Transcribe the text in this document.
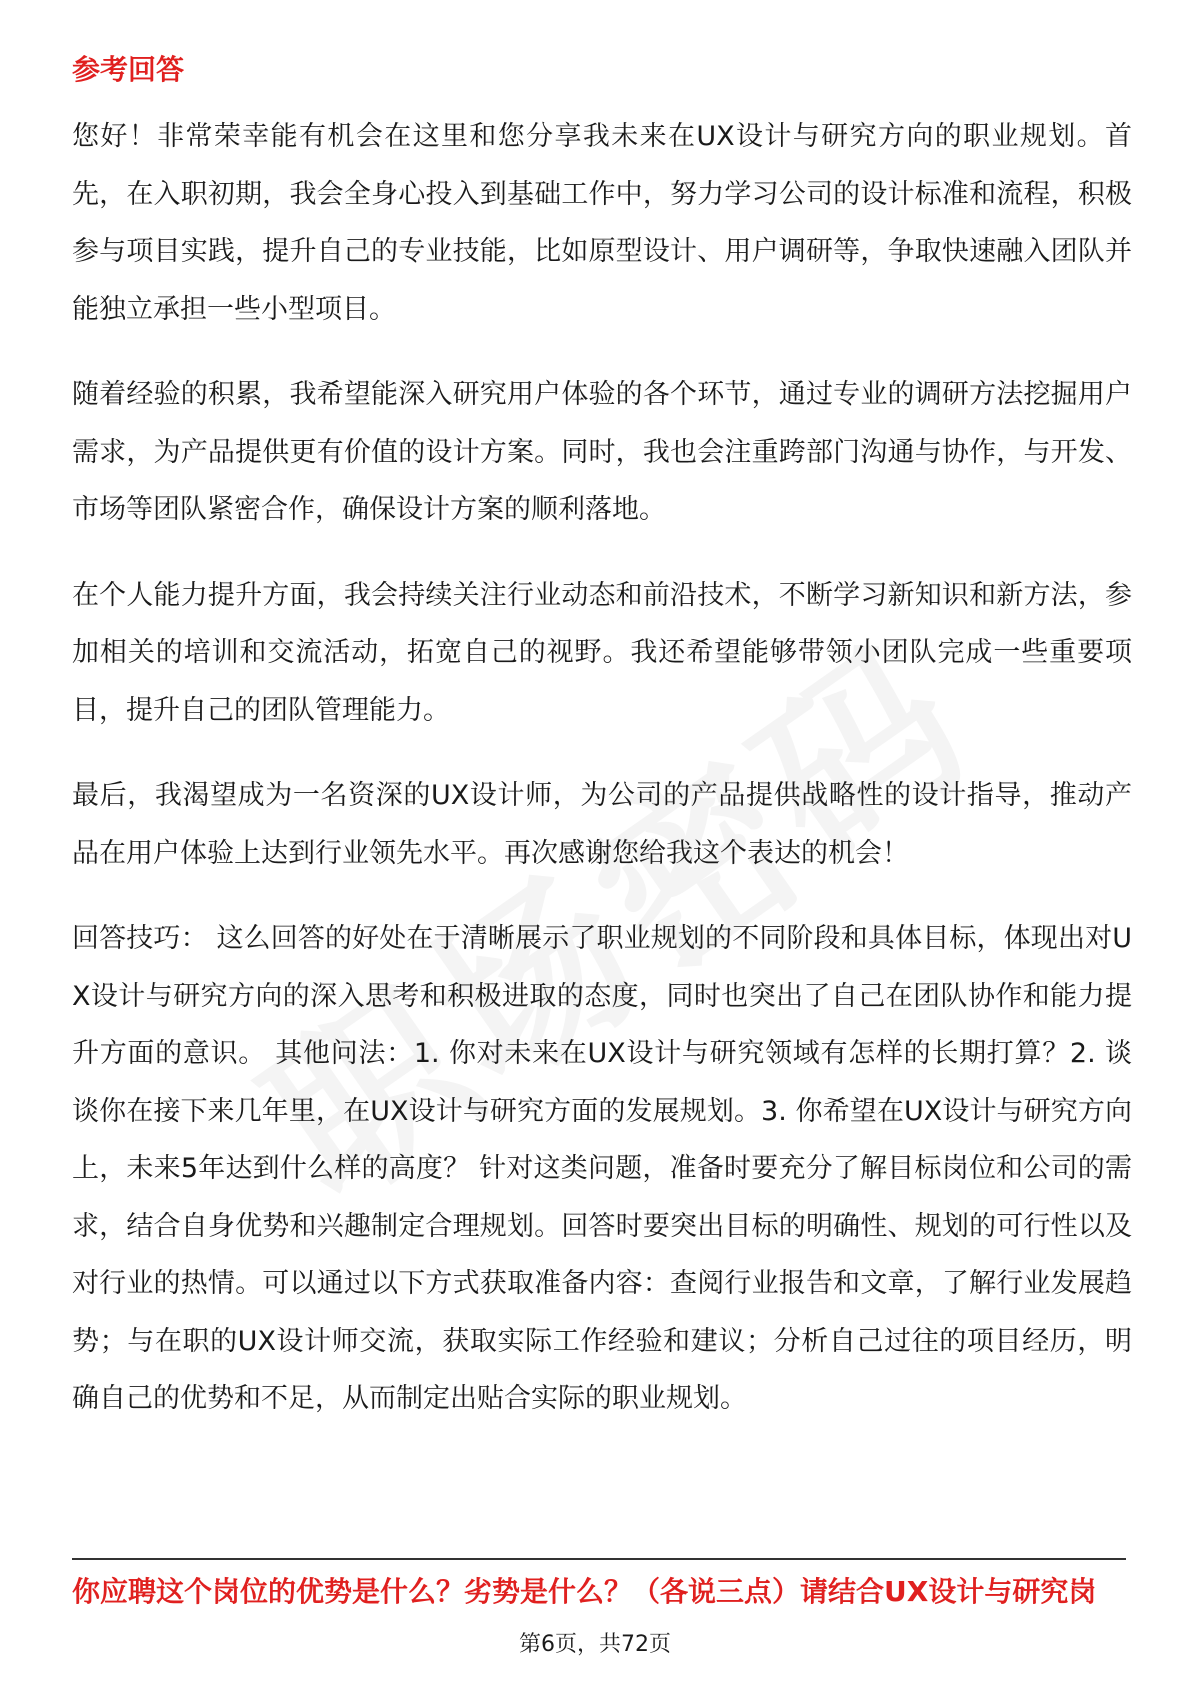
参考回答

您好！非常荣幸能有机会在这里和您分享我未来在UX设计与研究方向的职业规划。首先，在入职初期，我会全身心投入到基础工作中，努力学习公司的设计标准和流程，积极参与项目实践，提升自己的专业技能，比如原型设计、用户调研等，争取快速融入团队并能独立承担一些小型项目。

随着经验的积累，我希望能深入研究用户体验的各个环节，通过专业的调研方法挖掘用户需求，为产品提供更有价值的设计方案。同时，我也会注重跨部门沟通与协作，与开发、市场等团队紧密合作，确保设计方案的顺利落地。

在个人能力提升方面，我会持续关注行业动态和前沿技术，不断学习新知识和新方法，参加相关的培训和交流活动，拓宽自己的视野。我还希望能够带领小团队完成一些重要项目，提升自己的团队管理能力。

最后，我渴望成为一名资深的UX设计师，为公司的产品提供战略性的设计指导，推动产品在用户体验上达到行业领先水平。再次感谢您给我这个表达的机会！

回答技巧： 这么回答的好处在于清晰展示了职业规划的不同阶段和具体目标，体现出对UX设计与研究方向的深入思考和积极进取的态度，同时也突出了自己在团队协作和能力提升方面的意识。 其他问法：1. 你对未来在UX设计与研究领域有怎样的长期打算？2. 谈谈你在接下来几年里，在UX设计与研究方面的发展规划。3. 你希望在UX设计与研究方向上，未来5年达到什么样的高度？ 针对这类问题，准备时要充分了解目标岗位和公司的需求，结合自身优势和兴趣制定合理规划。回答时要突出目标的明确性、规划的可行性以及对行业的热情。可以通过以下方式获取准备内容：查阅行业报告和文章，了解行业发展趋势；与在职的UX设计师交流，获取实际工作经验和建议；分析自己过往的项目经历，明确自己的优势和不足，从而制定出贴合实际的职业规划。

你应聘这个岗位的优势是什么？劣势是什么？（各说三点）请结合UX设计与研究岗
第6页，共72页
